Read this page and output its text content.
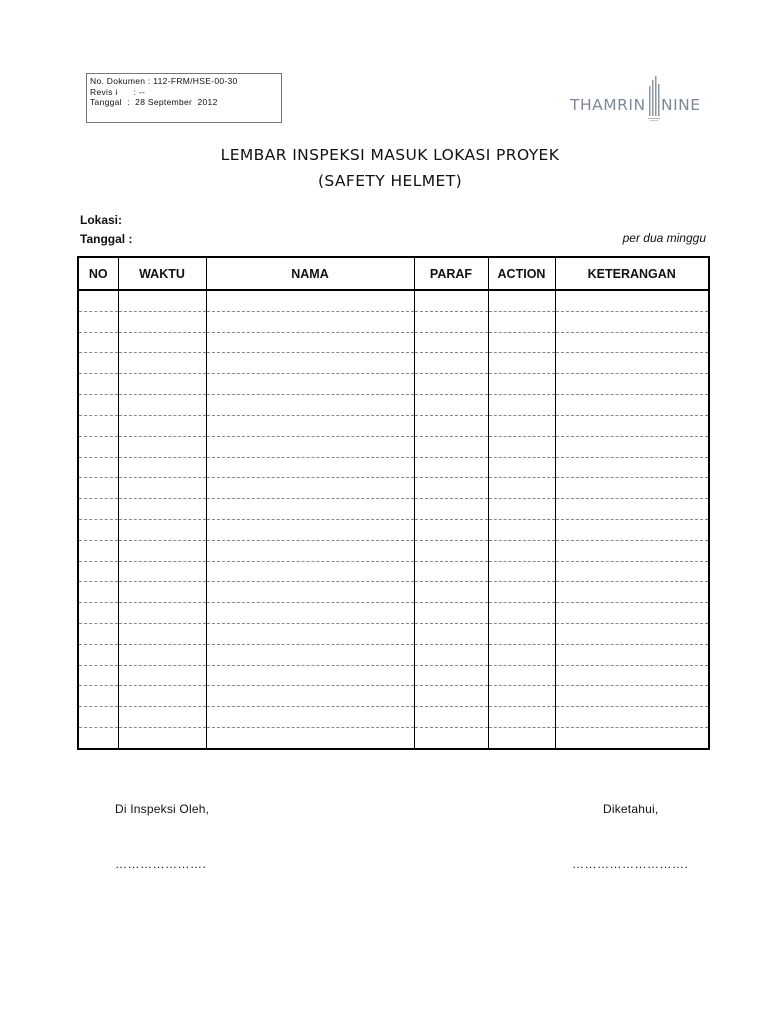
No. Dokumen : 112-FRM/HSE-00-30
Revis i      : --
Tanggal  :  28 September  2012	THAMRIN NINE
LEMBAR INSPEKSI MASUK LOKASI PROYEK
(SAFETY HELMET)
Lokasi:
Tanggal :	per dua minggu
NO	WAKTU	NAMA	PARAF	ACTION	KETERANGAN

Di Inspeksi Oleh,	Diketahui,
………………….	……………………….
